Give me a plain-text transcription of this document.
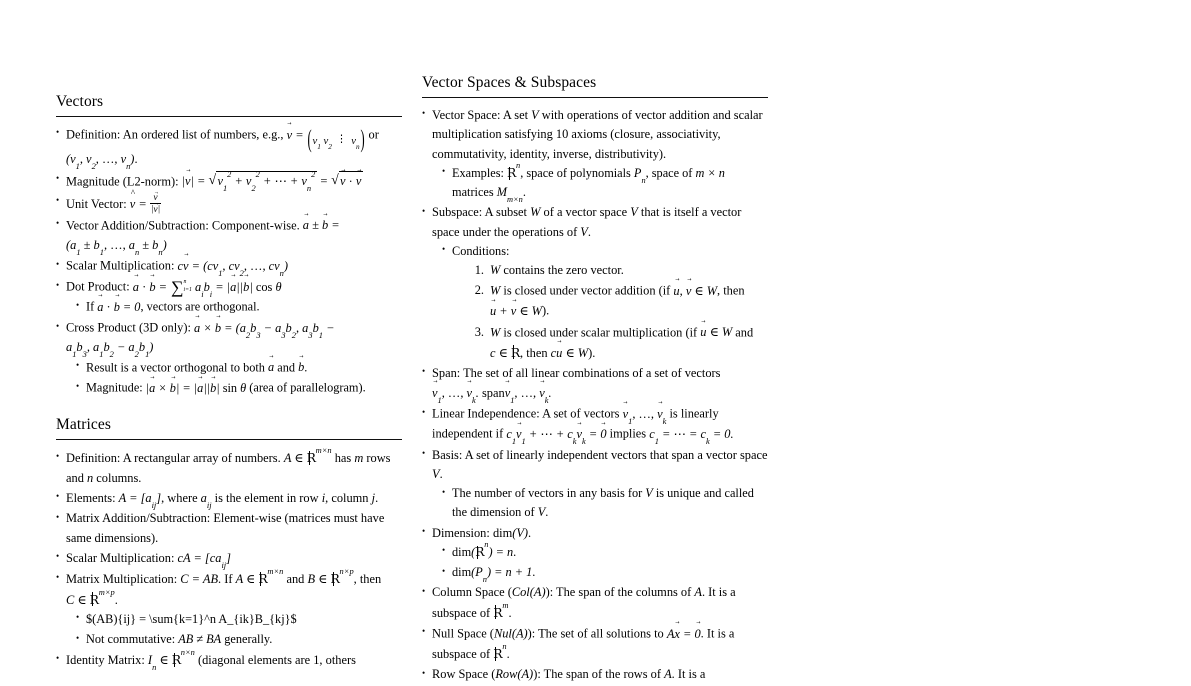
Vectors
• Definition: An ordered list of numbers, e.g., → v = ( $v_1$ $v_2$ ⋮ $v_n$ ) or ($v_1$, $v_2$, …, $v_n$).
• Magnitude (L2-norm): |→ v| = √ $v_1^2 + v_2^2$ + ⋯ + $v_n^2$ = √ → v · → v
• Unit Vector: ^ v = → $\frac{v}{|\to v|}$
• Vector Addition/Subtraction: Component-wise. → a ± → $b = (a_1 \pm b_1$, …, $a_n \pm b_n$)
• Scalar Multiplication: $c\to v = (cv_1$, $cv_2$, …, $cv_n$)
• Dot Product: → a · → b = ∑ n
i=1 $a_ib_i$ = |→ a||→ b| cos θ
• If → a · → b = 0, vectors are orthogonal.
• Cross Product (3D only): → a × → $b = (a_2b_3 - a_3b_2$, $a_3b_1 - a_1b_3$, $a_1b_2 - a_2b_1$)
• Result is a vector orthogonal to both → a and → b.
• Magnitude: |→ a × → b| = |→ a||→ b| sin θ (area of parallelogram).
Matrices
• Definition: A rectangular array of numbers. A ∈ $R^{m\times n}$ has m rows and n columns.
• Elements: $A = [a_{ij}]$, where $a_{ij}$ is the element in row i, column j.
• Matrix Addition/Subtraction: Element-wise (matrices must have same dimensions).
• Scalar Multiplication: cA = $[ca_{ij}]$
• Matrix Multiplication: C = AB. If A ∈ $R^{m\times n}$ and B ∈ $R^{n\times p}$, then C ∈ $R^{m\times p}$.
• $(AB){ij} = \sum{k=1}^n A_{ik}B_{kj}$
• Not commutative: AB ≠ BA generally.
• Identity Matrix: $I_n$ ∈ $R^{n\times n}$ (diagonal elements are 1, others
Vector Spaces & Subspaces
• Vector Space: A set V with operations of vector addition and scalar multiplication satisfying 10 axioms (closure, associativity, commutativity, identity, inverse, distributivity).
• Examples: $R^n$, space of polynomials $P_n$, space of m × n matrices $M_{m\times n}$.
• Subspace: A subset W of a vector space V that is itself a vector space under the operations of V.
• Conditions:
W contains the zero vector.
W is closed under vector addition (if → u, → v ∈ W, then → u + → v ∈ W).
W is closed under scalar multiplication (if → u ∈ W and c ∈ R, then c→ u ∈ W).
• Span: The set of all linear combinations of a set of vectors → $v_1$, …, → $v_k$. span→ $v_1$, …, → $v_k$.
• Linear Independence: A set of vectors → $v_1$, …, → $v_k$ is linearly independent if $c_1\to v_1$ + ⋯ + $c_k\to v_k$ = → 0 implies $c_1$ = ⋯ = $c_k = 0$.
• Basis: A set of linearly independent vectors that span a vector space V.
• The number of vectors in any basis for V is unique and called the dimension of V.
• Dimension: dim(V).
• $dim(R^n) = n$.
• $dim(P_n) = n + 1$.
• Column Space (Col(A)): The span of the columns of A. It is a subspace of $R^m$.
• Null Space (Nul(A)): The set of all solutions to A→ x = → 0. It is a subspace of $R^n$.
• Row Space (Row(A)): The span of the rows of A. It is a
